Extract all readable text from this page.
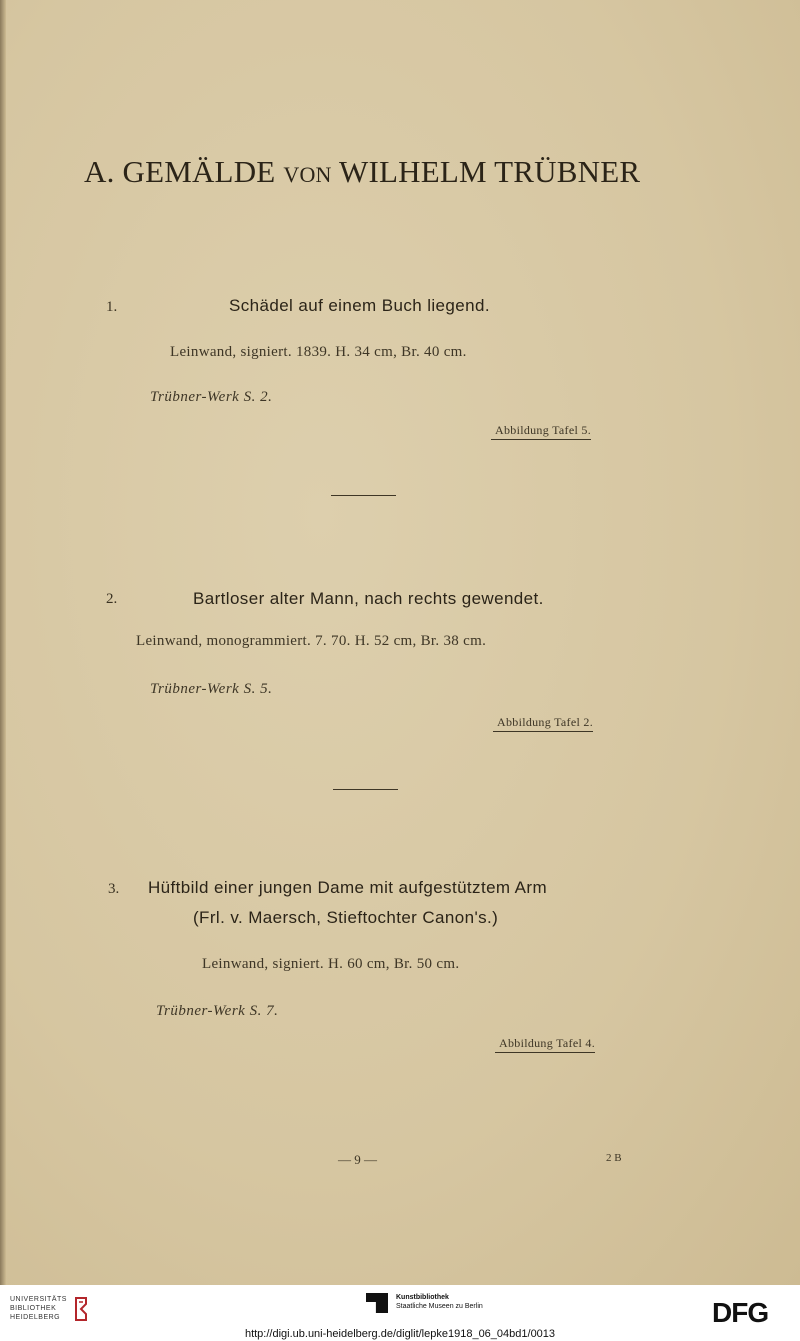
A. GEMÄLDE VON WILHELM TRÜBNER
1.	Schädel auf einem Buch liegend.
Leinwand, signiert. 1839. H. 34 cm, Br. 40 cm.
Trübner-Werk S. 2.
Abbildung Tafel 5.
2.	Bartloser alter Mann, nach rechts gewendet.
Leinwand, monogrammiert. 7. 70. H. 52 cm, Br. 38 cm.
Trübner-Werk S. 5.
Abbildung Tafel 2.
3. Hüftbild einer jungen Dame mit aufgestütztem Arm
(Frl. v. Maersch, Stieftochter Canon's.)
Leinwand, signiert. H. 60 cm, Br. 50 cm.
Trübner-Werk S. 7.
Abbildung Tafel 4.
— 9 —	2 B
UNIVERSITÄTS
BIBLIOTHEK
HEIDELBERG
Kunstbibliothek
Staatliche Museen zu Berlin	DFG
http://digi.ub.uni-heidelberg.de/diglit/lepke1918_06_04bd1/0013
